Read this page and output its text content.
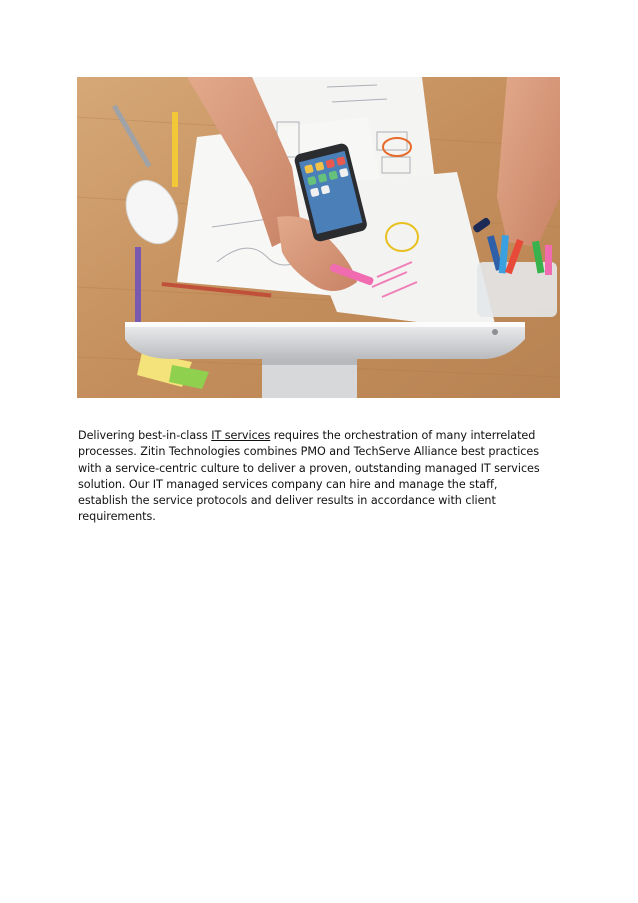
Delivering best-in-class IT services requires the orchestration of many interrelated
processes. Zitin Technologies combines PMO and TechServe Alliance best practices
with a service-centric culture to deliver a proven, outstanding managed IT services
solution. Our IT managed services company can hire and manage the staff,
establish the service protocols and deliver results in accordance with client
requirements.
